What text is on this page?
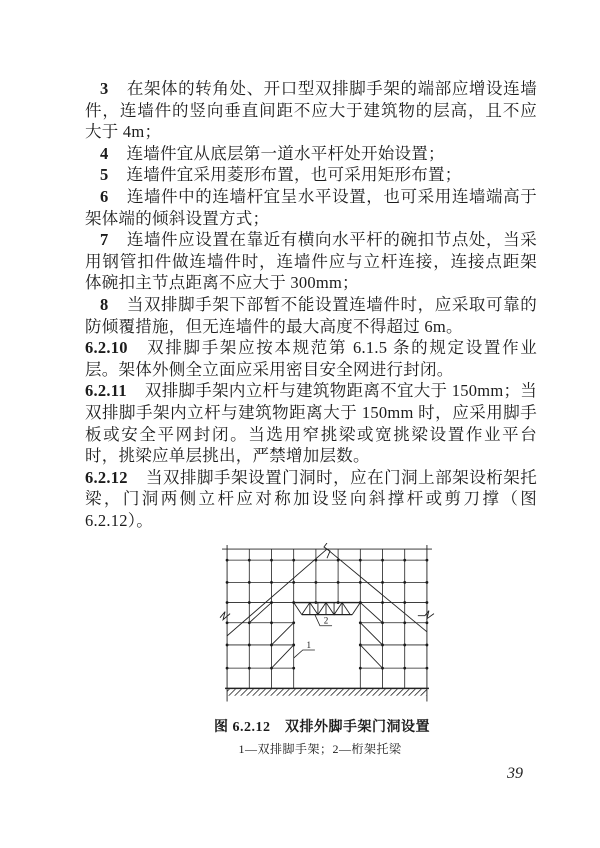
3 在架体的转角处、开口型双排脚手架的端部应增设连墙件，连墙件的竖向垂直间距不应大于建筑物的层高，且不应大于 4m；

4 连墙件宜从底层第一道水平杆处开始设置；

5 连墙件宜采用菱形布置，也可采用矩形布置；

6 连墙件中的连墙杆宜呈水平设置，也可采用连墙端高于架体端的倾斜设置方式；

7 连墙件应设置在靠近有横向水平杆的碗扣节点处，当采用钢管扣件做连墙件时，连墙件应与立杆连接，连接点距架体碗扣主节点距离不应大于 300mm；

8 当双排脚手架下部暂不能设置连墙件时，应采取可靠的防倾覆措施，但无连墙件的最大高度不得超过 6m。

6.2.10 双排脚手架应按本规范第 6.1.5 条的规定设置作业层。架体外侧全立面应采用密目安全网进行封闭。

6.2.11 双排脚手架内立杆与建筑物距离不宜大于 150mm；当双排脚手架内立杆与建筑物距离大于 150mm 时，应采用脚手板或安全平网封闭。当选用窄挑梁或宽挑梁设置作业平台时，挑梁应单层挑出，严禁增加层数。

6.2.12 当双排脚手架设置门洞时，应在门洞上部架设桁架托梁，门洞两侧立杆应对称加设竖向斜撑杆或剪刀撑（图 6.2.12）。

1
2
图 6.2.12　双排外脚手架门洞设置
1—双排脚手架；2—桁架托梁
39
